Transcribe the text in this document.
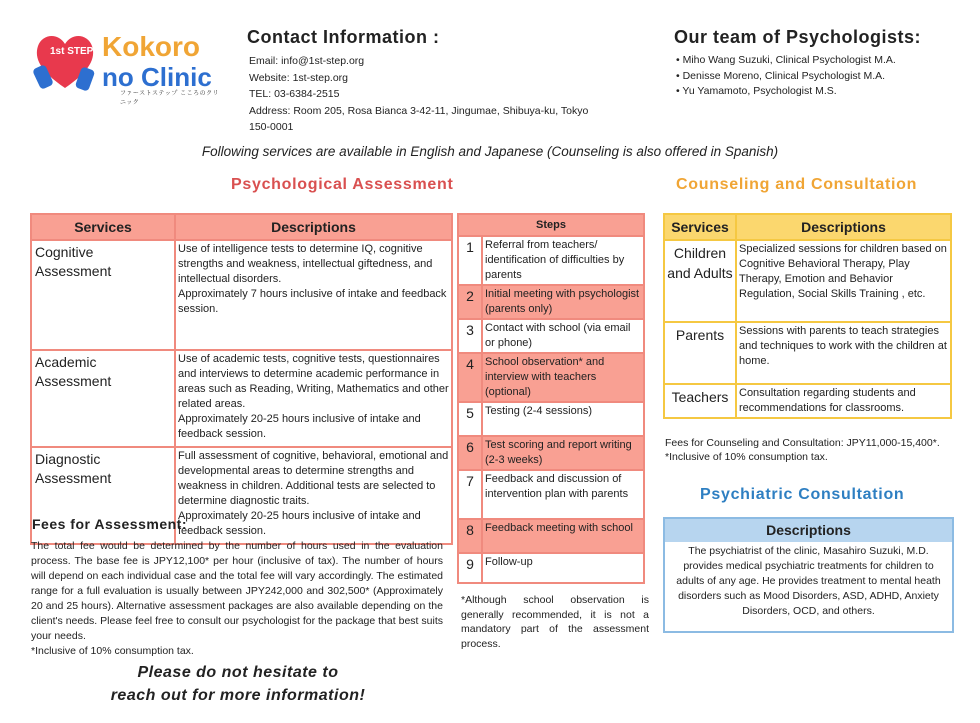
1st STEP Kokoro
no Clinic
ファーストステップ こころのクリニック
Contact Information :
Email: info@1st-step.org
Website: 1st-step.org
TEL: 03-6384-2515
Address: Room 205, Rosa Bianca 3-42-11, Jingumae, Shibuya-ku, Tokyo 150-0001
Our team of Psychologists:
• Miho Wang Suzuki, Clinical Psychologist M.A.
• Denisse Moreno, Clinical Psychologist M.A.
• Yu Yamamoto, Psychologist M.S.
Following services are available in English and Japanese (Counseling is also offered in Spanish)
Psychological Assessment
Services	Descriptions
Cognitive Assessment	Use of intelligence tests to determine IQ, cognitive strengths and weakness, intellectual giftedness, and intellectual disorders.
Approximately 7 hours inclusive of intake and feedback session.
Academic Assessment	Use of academic tests, cognitive tests, questionnaires and interviews to determine academic performance in areas such as Reading, Writing, Mathematics and other related areas.
Approximately 20-25 hours inclusive of intake and feedback session.
Diagnostic Assessment	Full assessment of cognitive, behavioral, emotional and developmental areas to determine strengths and weakness in children. Additional tests are selected to determine diagnostic traits.
Approximately 20-25 hours inclusive of intake and feedback session.
Steps	
1	Referral from teachers/ identification of difficulties by parents
2	Initial meeting with psychologist (parents only)
3	Contact with school (via email or phone)
4	School observation* and interview with teachers (optional)
5	Testing (2-4 sessions)
6	Test scoring and report writing (2-3 weeks)
7	Feedback and discussion of intervention plan with parents
8	Feedback meeting with school
9	Follow-up
*Although school observation is generally recommended, it is not a mandatory part of the assessment process.
Fees for Assessment:
The total fee would be determined by the number of hours used in the evaluation process. The base fee is JPY12,100* per hour (inclusive of tax). The number of hours will depend on each individual case and the total fee will vary accordingly. The estimated range for a full evaluation is usually between JPY242,000 and 302,500* (Approximately 20 and 25 hours). Alternative assessment packages are also available depending on the client's needs. Please feel free to consult our psychologist for the package that best suits your needs.
*Inclusive of 10% consumption tax.
Please do not hesitate to
reach out for more information!
Counseling and Consultation
Services	Descriptions
Children and Adults	Specialized sessions for children based on Cognitive Behavioral Therapy, Play Therapy, Emotion and Behavior Regulation, Social Skills Training , etc.
Parents	Sessions with parents to teach strategies and techniques to work with the children at home.
Teachers	Consultation regarding students and recommendations for classrooms.
Fees for Counseling and Consultation: JPY11,000-15,400*.
*Inclusive of 10% consumption tax.
Psychiatric Consultation
Descriptions
The psychiatrist of the clinic, Masahiro Suzuki, M.D. provides medical psychiatric treatments for children to adults of any age. He provides treatment to mental heath disorders such as Mood Disorders, ASD, ADHD, Anxiety Disorders, OCD, and others.
